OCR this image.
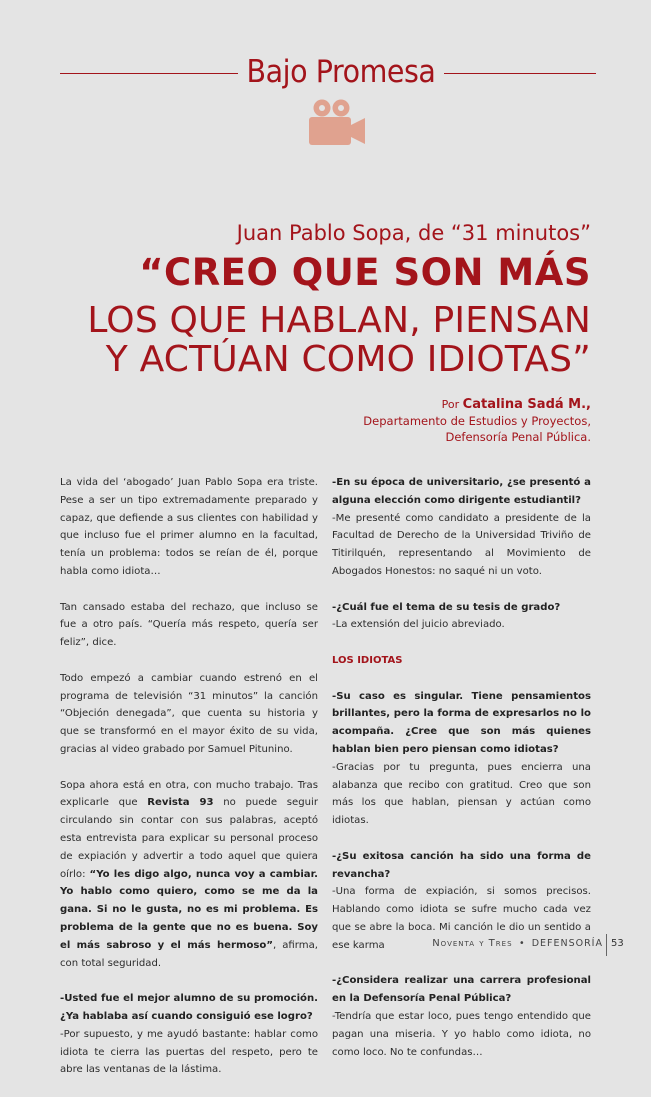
Bajo Promesa
Juan Pablo Sopa, de “31 minutos”
“CREO QUE SON MÁS
LOS QUE HABLAN, PIENSAN
Y ACTÚAN COMO IDIOTAS”
Por Catalina Sadá M.,
Departamento de Estudios y Proyectos,
Defensoría Penal Pública.

La vida del ‘abogado’ Juan Pablo Sopa era triste. Pese a ser un tipo extremadamente preparado y capaz, que defiende a sus clientes con habilidad y que incluso fue el primer alumno en la facultad, tenía un problema: todos se reían de él, porque habla como idiota…

Tan cansado estaba del rechazo, que incluso se fue a otro país. “Quería más respeto, quería ser feliz”, dice.

Todo empezó a cambiar cuando estrenó en el programa de televisión “31 minutos” la canción “Objeción denegada”, que cuenta su historia y que se transformó en el mayor éxito de su vida, gracias al video grabado por Samuel Pitunino.

Sopa ahora está en otra, con mucho trabajo. Tras explicarle que Revista 93 no puede seguir circulando sin contar con sus palabras, aceptó esta entrevista para explicar su personal proceso de expiación y advertir a todo aquel que quiera oírlo: “Yo les digo algo, nunca voy a cambiar. Yo hablo como quiero, como se me da la gana. Si no le gusta, no es mi problema. Es problema de la gente que no es buena. Soy el más sabroso y el más hermoso”, afirma, con total seguridad.

-Usted fue el mejor alumno de su promoción. ¿Ya hablaba así cuando consiguió ese logro?

-Por supuesto, y me ayudó bastante: hablar como idiota te cierra las puertas del respeto, pero te abre las ventanas de la lástima.

-En su época de universitario, ¿se presentó a alguna elección como dirigente estudiantil?

-Me presenté como candidato a presidente de la Facultad de Derecho de la Universidad Triviño de Titirilquén, representando al Movimiento de Abogados Honestos: no saqué ni un voto.

-¿Cuál fue el tema de su tesis de grado?

-La extensión del juicio abreviado.

LOS IDIOTAS

-Su caso es singular. Tiene pensamientos brillantes, pero la forma de expresarlos no lo acompaña. ¿Cree que son más quienes hablan bien pero piensan como idiotas?

-Gracias por tu pregunta, pues encierra una alabanza que recibo con gratitud. Creo que son más los que hablan, piensan y actúan como idiotas.

-¿Su exitosa canción ha sido una forma de revancha?

-Una forma de expiación, si somos precisos. Hablando como idiota se sufre mucho cada vez que se abre la boca. Mi canción le dio un sentido a ese karma

-¿Considera realizar una carrera profesional en la Defensoría Penal Pública?

-Tendría que estar loco, pues tengo entendido que pagan una miseria. Y yo hablo como idiota, no como loco. No te confundas…

Noventa y Tres • DEFENSORÍA 53
